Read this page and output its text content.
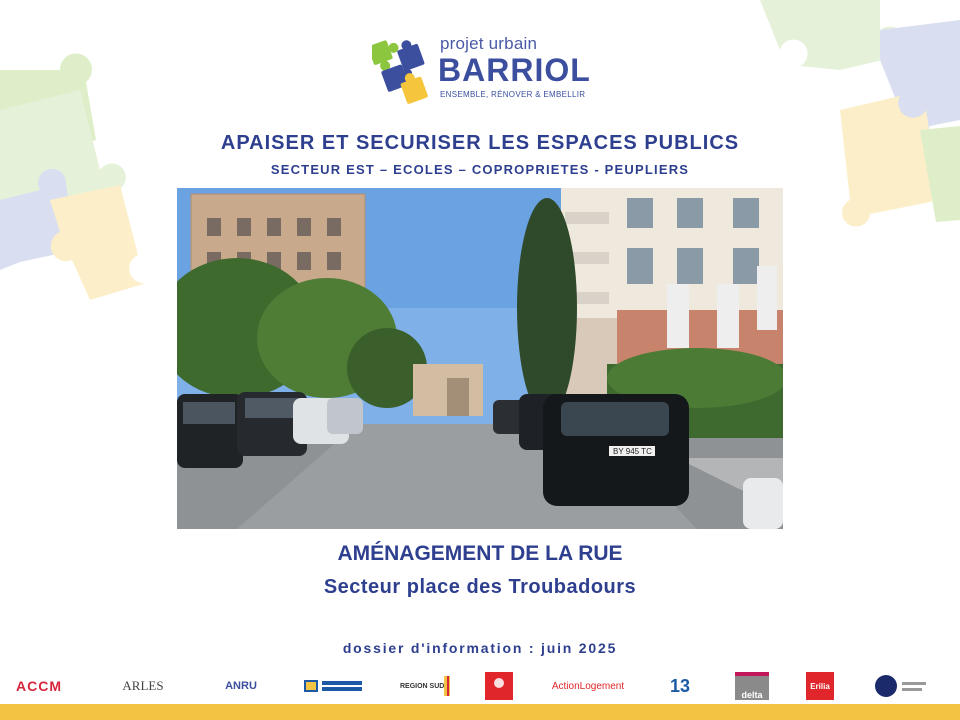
projet urbain
BARRIOL
ENSEMBLE, RÉNOVER & EMBELLIR
APAISER ET SECURISER LES ESPACES PUBLICS
SECTEUR EST – ECOLES – COPROPRIETES - PEUPLIERS
BY 945 TC
AMÉNAGEMENT DE LA RUE
Secteur place des Troubadours
dossier d'information : juin 2025
ACCM	ARLES	ANRU	REGION SUD	ActionLogement	13	delta
Erilia
